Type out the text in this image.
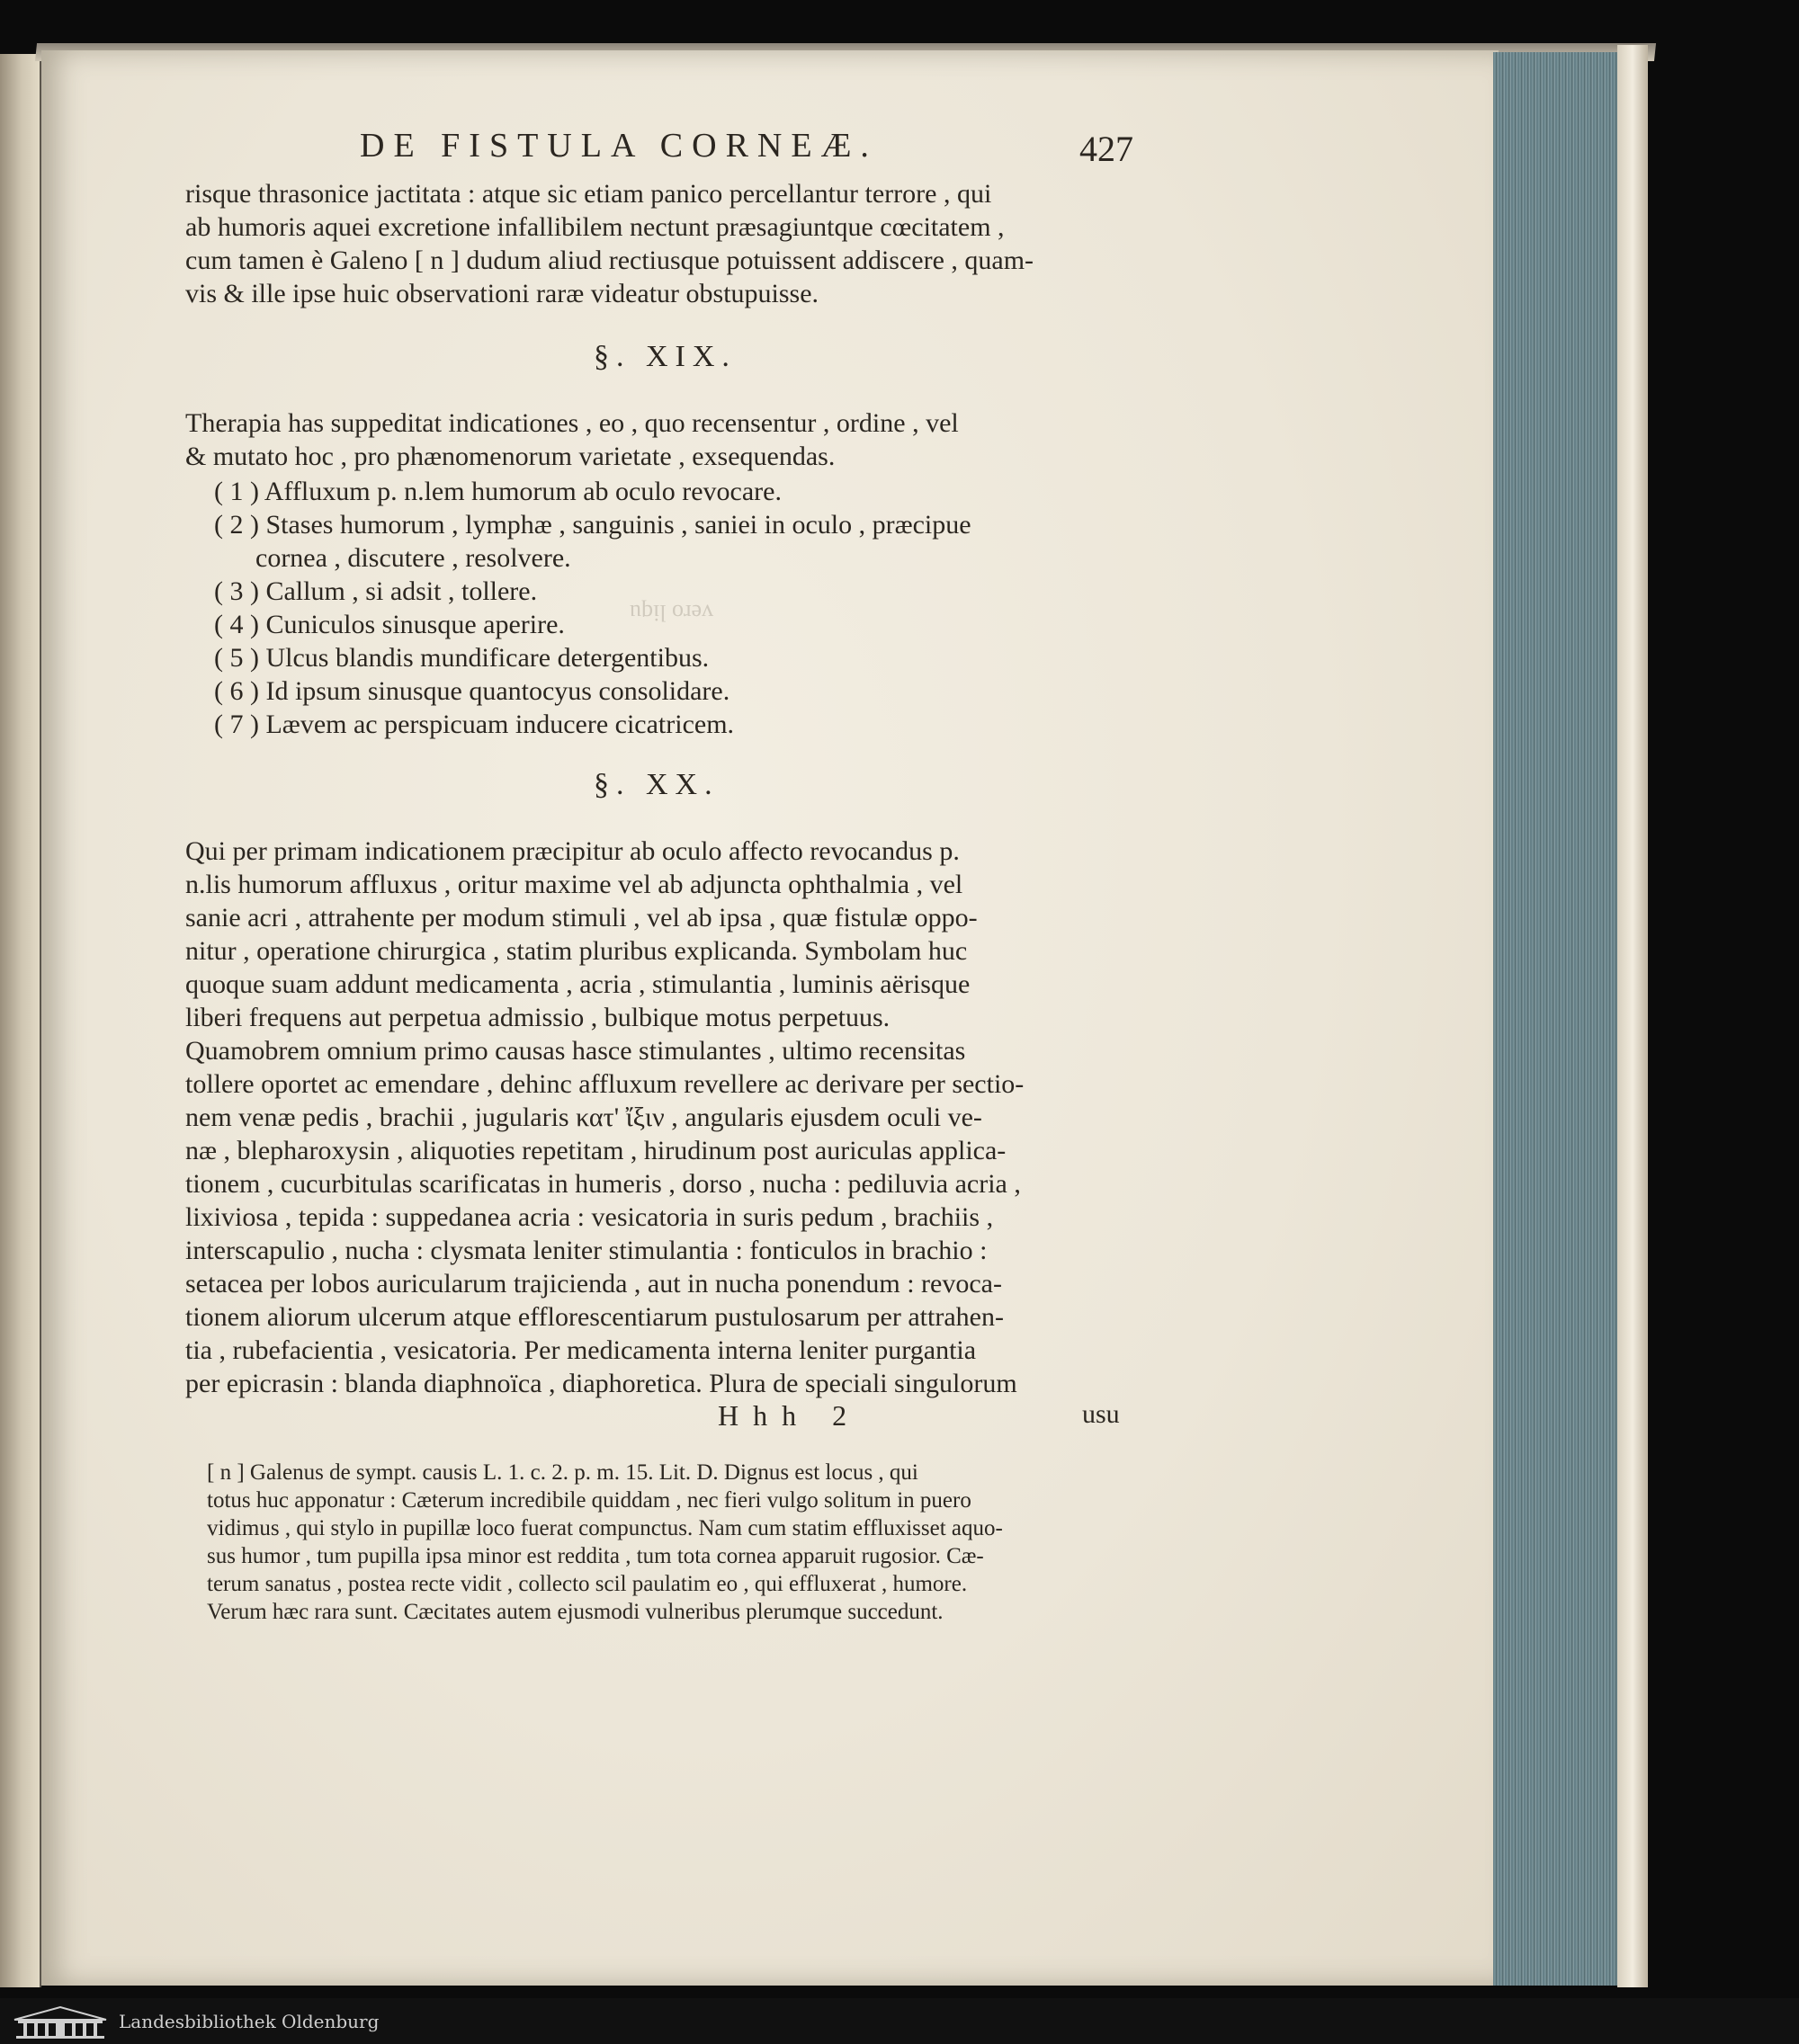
DE FISTULA CORNEÆ.	427
risque thrasonice jactitata : atque sic etiam panico percellantur terrore , qui
ab humoris aquei excretione infallibilem nectunt præsagiuntque cœcitatem ,
cum tamen è Galeno [ n ] dudum aliud rectiusque potuissent addiscere , quam-
vis & ille ipse huic observationi raræ videatur obstupuisse.
§. XIX.
Therapia has suppeditat indicationes , eo , quo recensentur , ordine , vel
& mutato hoc , pro phænomenorum varietate , exsequendas.
( 1 ) Affluxum p. n.lem humorum ab oculo revocare.
( 2 ) Stases humorum , lymphæ , sanguinis , saniei in oculo , præcipue
cornea , discutere , resolvere.
( 3 ) Callum , si adsit , tollere.
( 4 ) Cuniculos sinusque aperire.
( 5 ) Ulcus blandis mundificare detergentibus.
( 6 ) Id ipsum sinusque quantocyus consolidare.
( 7 ) Lævem ac perspicuam inducere cicatricem.
vero liqu
§. XX.
Qui per primam indicationem præcipitur ab oculo affecto revocandus p.
n.lis humorum affluxus , oritur maxime vel ab adjuncta ophthalmia , vel
sanie acri , attrahente per modum stimuli , vel ab ipsa , quæ fistulæ oppo-
nitur , operatione chirurgica , statim pluribus explicanda. Symbolam huc
quoque suam addunt medicamenta , acria , stimulantia , luminis aërisque
liberi frequens aut perpetua admissio , bulbique motus perpetuus.
Quamobrem omnium primo causas hasce stimulantes , ultimo recensitas
tollere oportet ac emendare , dehinc affluxum revellere ac derivare per sectio-
nem venæ pedis , brachii , jugularis κατ' ἴξιν , angularis ejusdem oculi ve-
næ , blepharoxysin , aliquoties repetitam , hirudinum post auriculas applica-
tionem , cucurbitulas scarificatas in humeris , dorso , nucha : pediluvia acria ,
lixiviosa , tepida : suppedanea acria : vesicatoria in suris pedum , brachiis ,
interscapulio , nucha : clysmata leniter stimulantia : fonticulos in brachio :
setacea per lobos auricularum trajicienda , aut in nucha ponendum : revoca-
tionem aliorum ulcerum atque efflorescentiarum pustulosarum per attrahen-
tia , rubefacientia , vesicatoria. Per medicamenta interna leniter purgantia
per epicrasin : blanda diaphnoïca , diaphoretica. Plura de speciali singulorum
Hhh 2	usu
[ n ] Galenus de sympt. causis L. 1. c. 2. p. m. 15. Lit. D. Dignus est locus , qui
totus huc apponatur : Cæterum incredibile quiddam , nec fieri vulgo solitum in puero
vidimus , qui stylo in pupillæ loco fuerat compunctus. Nam cum statim effluxisset aquo-
sus humor , tum pupilla ipsa minor est reddita , tum tota cornea apparuit rugosior. Cæ-
terum sanatus , postea recte vidit , collecto scil paulatim eo , qui effluxerat , humore.
Verum hæc rara sunt. Cæcitates autem ejusmodi vulneribus plerumque succedunt.
Landesbibliothek Oldenburg
